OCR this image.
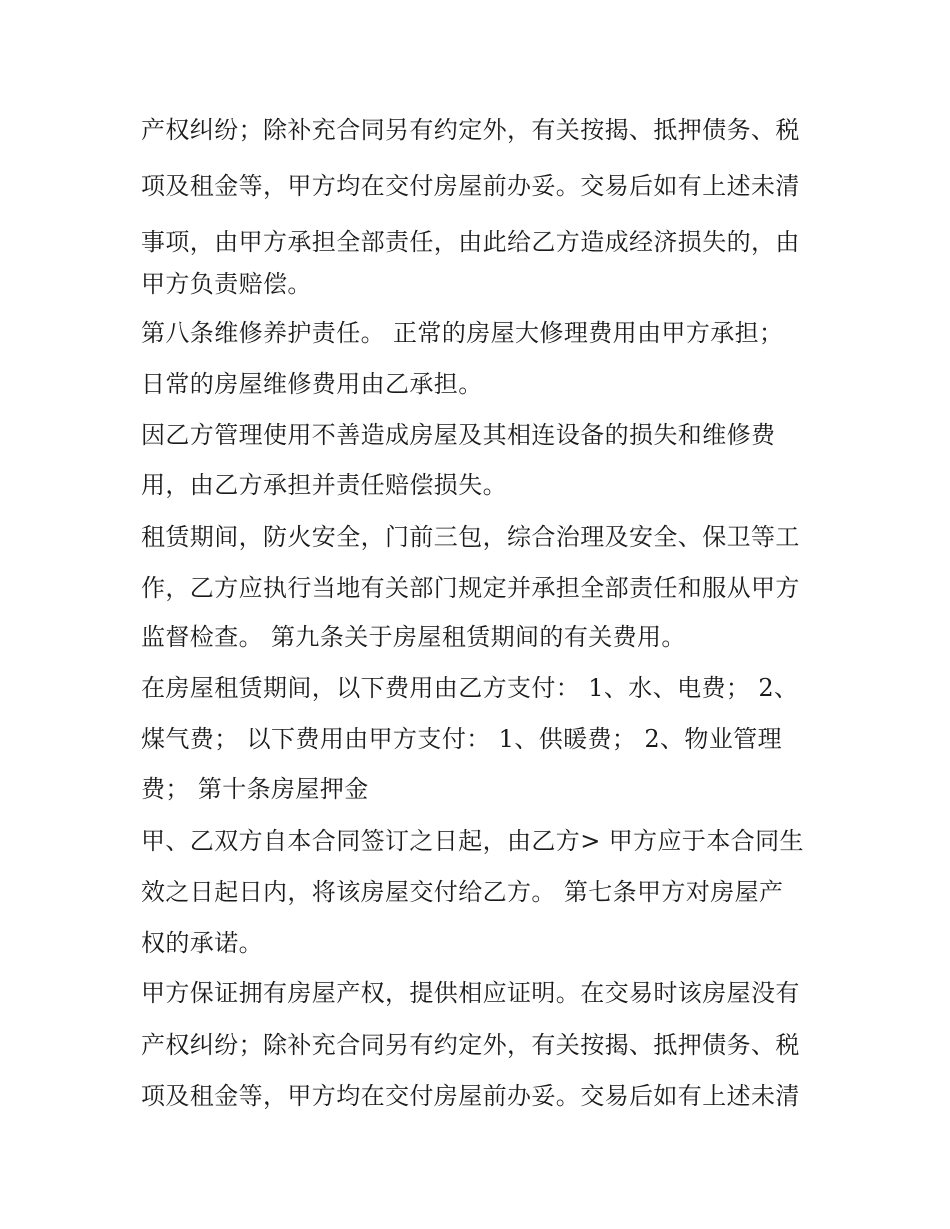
产权纠纷；除补充合同另有约定外，有关按揭、抵押债务、税
项及租金等，甲方均在交付房屋前办妥。交易后如有上述未清
事项，由甲方承担全部责任，由此给乙方造成经济损失的，由
甲方负责赔偿。
第八条维修养护责任。 正常的房屋大修理费用由甲方承担；
日常的房屋维修费用由乙承担。
因乙方管理使用不善造成房屋及其相连设备的损失和维修费
用，由乙方承担并责任赔偿损失。
租赁期间，防火安全，门前三包，综合治理及安全、保卫等工
作，乙方应执行当地有关部门规定并承担全部责任和服从甲方
监督检查。 第九条关于房屋租赁期间的有关费用。
在房屋租赁期间，以下费用由乙方支付： 1、水、电费； 2、
煤气费； 以下费用由甲方支付： 1、供暖费； 2、物业管理
费； 第十条房屋押金
甲、乙双方自本合同签订之日起，由乙方> 甲方应于本合同生
效之日起日内，将该房屋交付给乙方。 第七条甲方对房屋产
权的承诺。
甲方保证拥有房屋产权，提供相应证明。在交易时该房屋没有
产权纠纷；除补充合同另有约定外，有关按揭、抵押债务、税
项及租金等，甲方均在交付房屋前办妥。交易后如有上述未清
